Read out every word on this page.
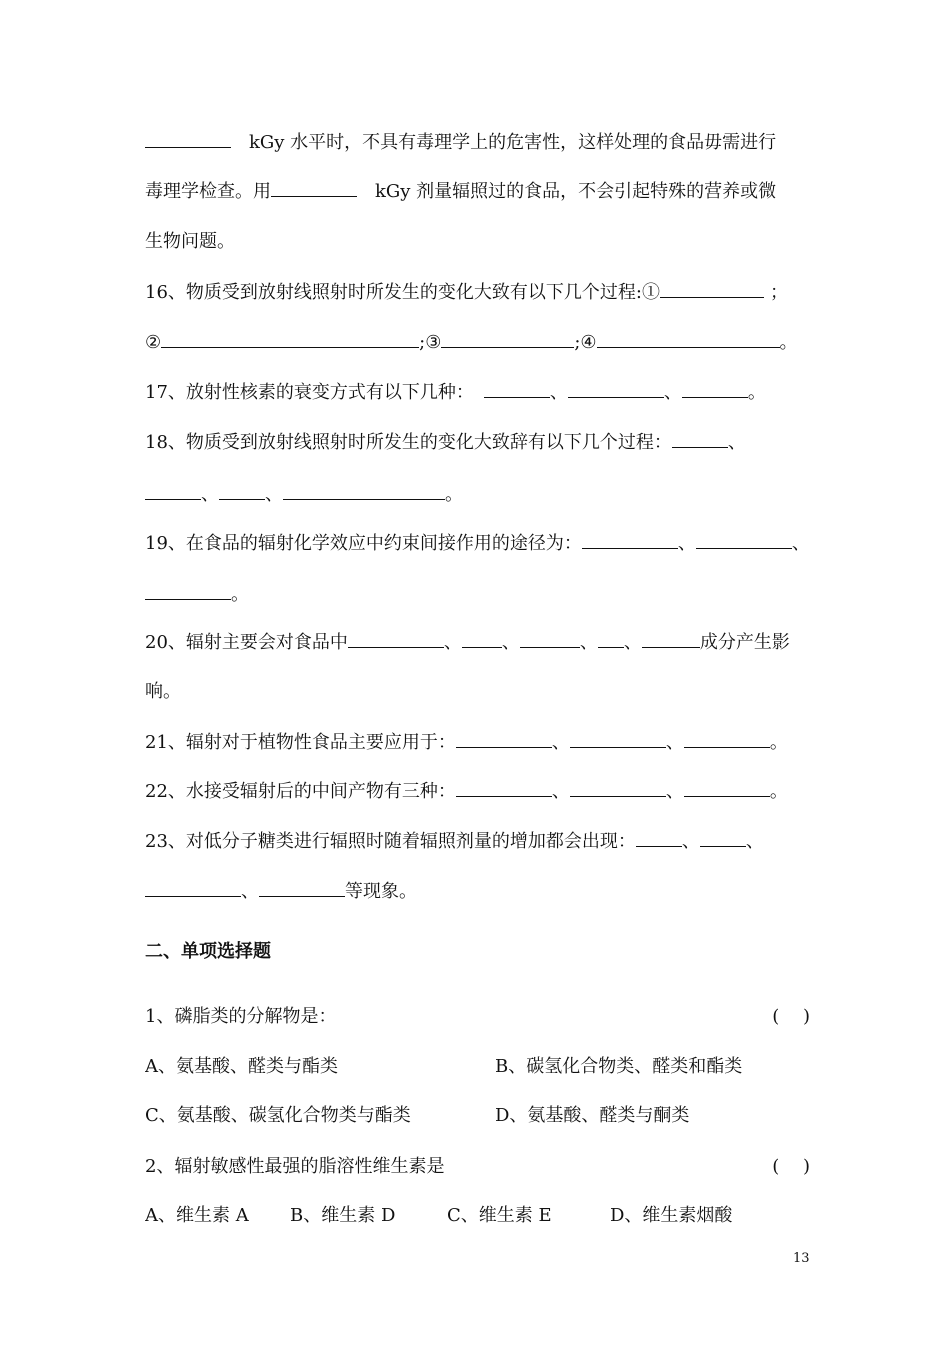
kGy 水平时，不具有毒理学上的危害性，这样处理的食品毋需进行
毒理学检查。用	kGy 剂量辐照过的食品，不会引起特殊的营养或微
生物问题。
16、物质受到放射线照射时所发生的变化大致有以下几个过程:①	；
②	;③	;④	。
17、放射性核素的衰变方式有以下几种：	、	、	。
18、物质受到放射线照射时所发生的变化大致辞有以下几个过程：	、
、	、	。
19、在食品的辐射化学效应中约束间接作用的途径为：	、	、
。
20、辐射主要会对食品中	、 、	、 、	成分产生影
响。
21、辐射对于植物性食品主要应用于：	、	、	。
22、水接受辐射后的中间产物有三种：	、	、	。
23、对低分子糖类进行辐照时随着辐照剂量的增加都会出现：	、	、
、	等现象。
二、单项选择题
1、磷脂类的分解物是：	(　 )
A、氨基酸、醛类与酯类	B、碳氢化合物类、醛类和酯类
C、氨基酸、碳氢化合物类与酯类	D、氨基酸、醛类与酮类
2、辐射敏感性最强的脂溶性维生素是	(　 )
A、维生素 A B、维生素 D	C、维生素 E	D、维生素烟酸
13
